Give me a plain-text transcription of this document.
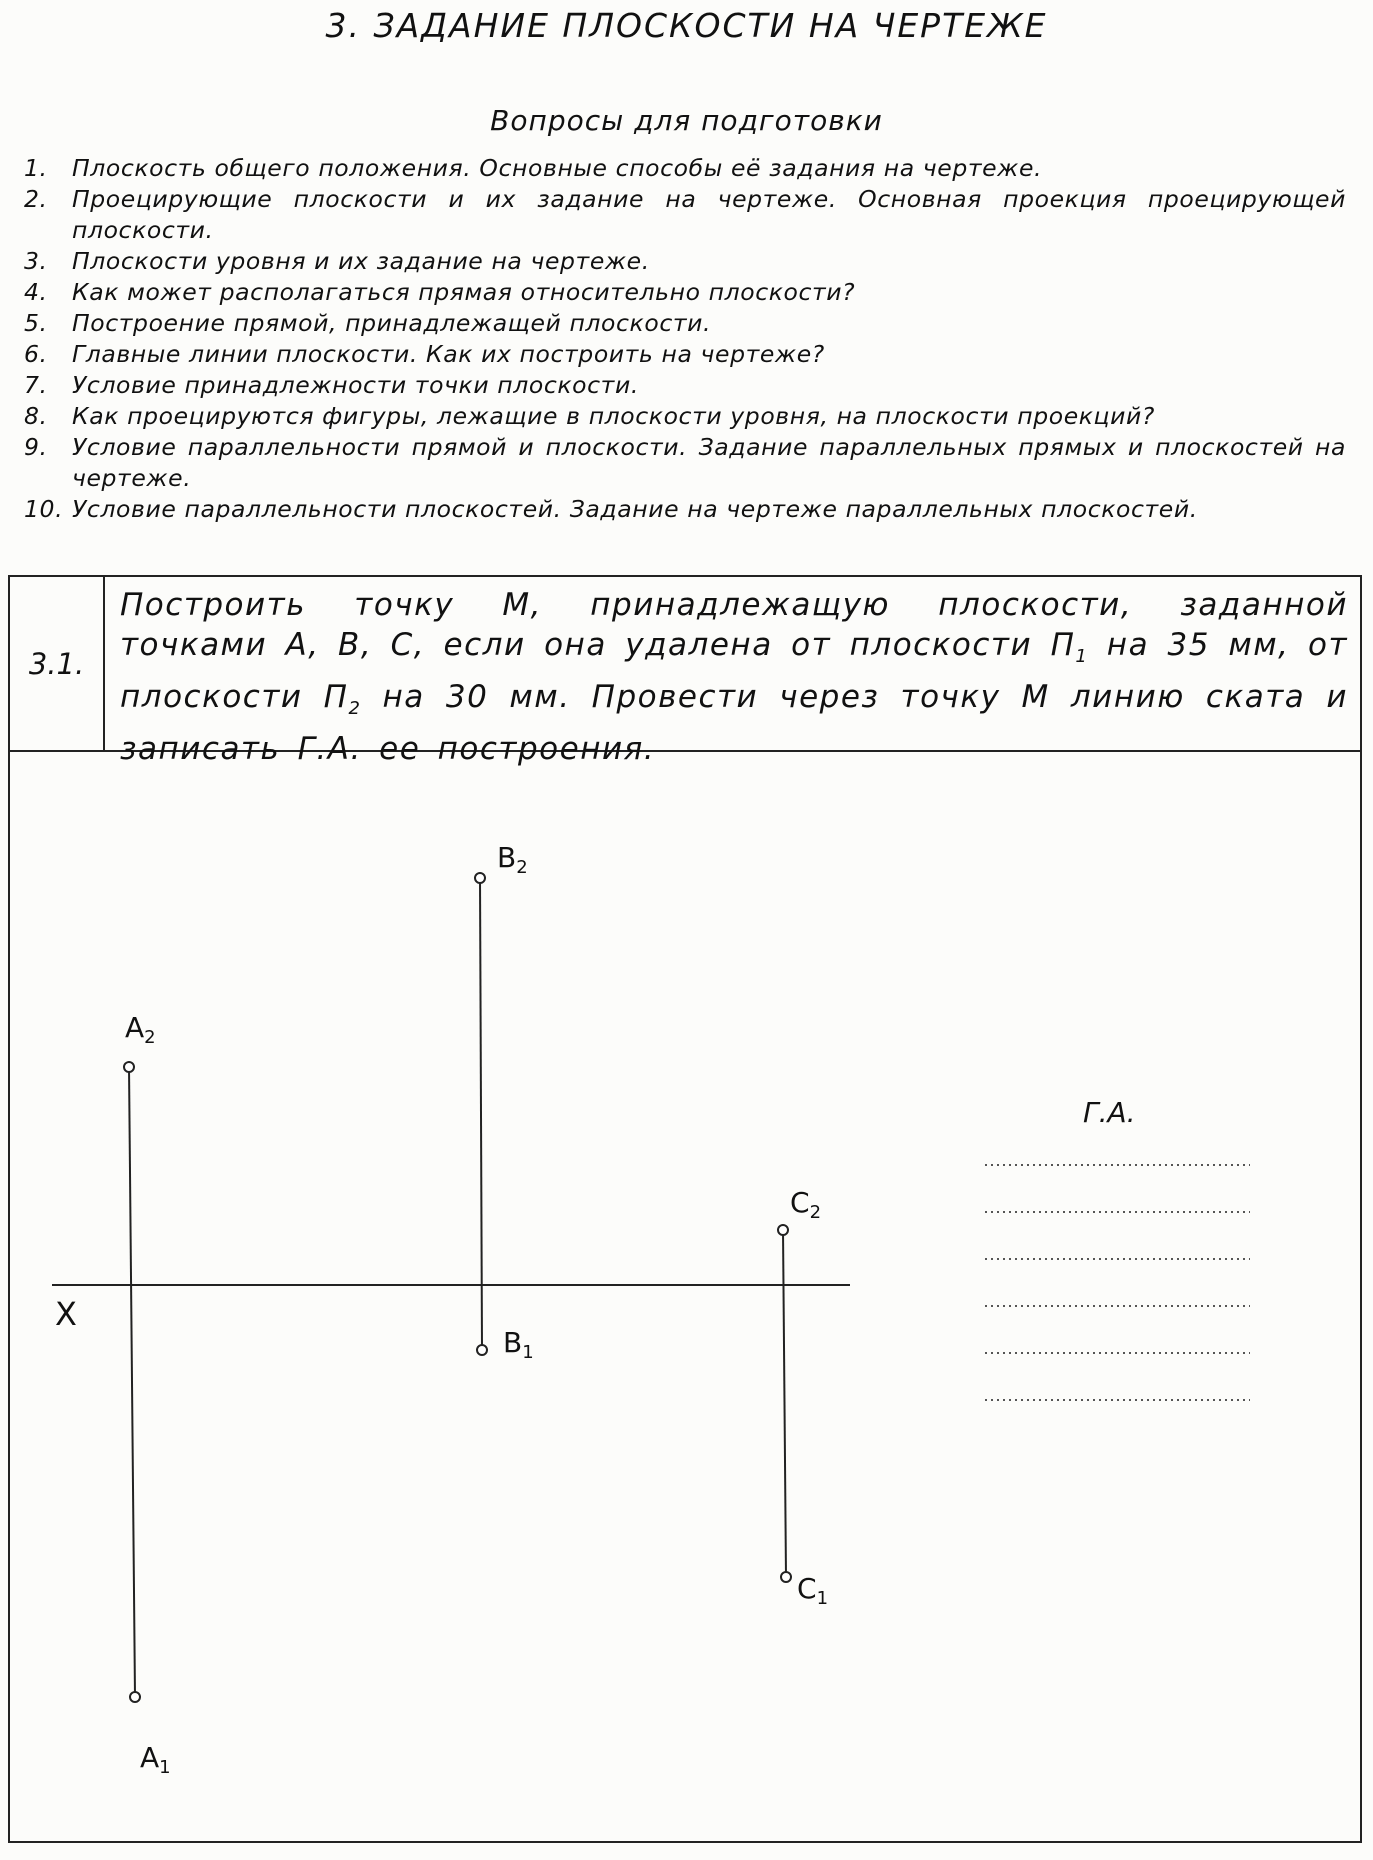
3. ЗАДАНИЕ ПЛОСКОСТИ НА ЧЕРТЕЖЕ
Вопросы для подготовки
1. Плоскость общего положения. Основные способы её задания на чертеже.
2. Проецирующие плоскости и их задание на чертеже. Основная проекция проецирующей плоскости.
3. Плоскости уровня и их задание на чертеже.
4. Как может располагаться прямая относительно плоскости?
5. Построение прямой, принадлежащей плоскости.
6. Главные линии плоскости. Как их построить на чертеже?
7. Условие принадлежности точки плоскости.
8. Как проецируются фигуры, лежащие в плоскости уровня, на плоскости проекций?
9. Условие параллельности прямой и плоскости. Задание параллельных прямых и плоскостей на чертеже.
10. Условие параллельности плоскостей. Задание на чертеже параллельных плоскостей.
3.1.
Построить точку М, принадлежащую плоскости, заданной точками А, В, С, если она удалена от плоскости $П_1$ на 35 мм, от плоскости $П_2$ на 30 мм. Провести через точку М линию ската и записать Г.А. ее построения.
X
$A_2$
$A_1$
$B_2$
$B_1$
$C_2$
$C_1$
Г.А.
